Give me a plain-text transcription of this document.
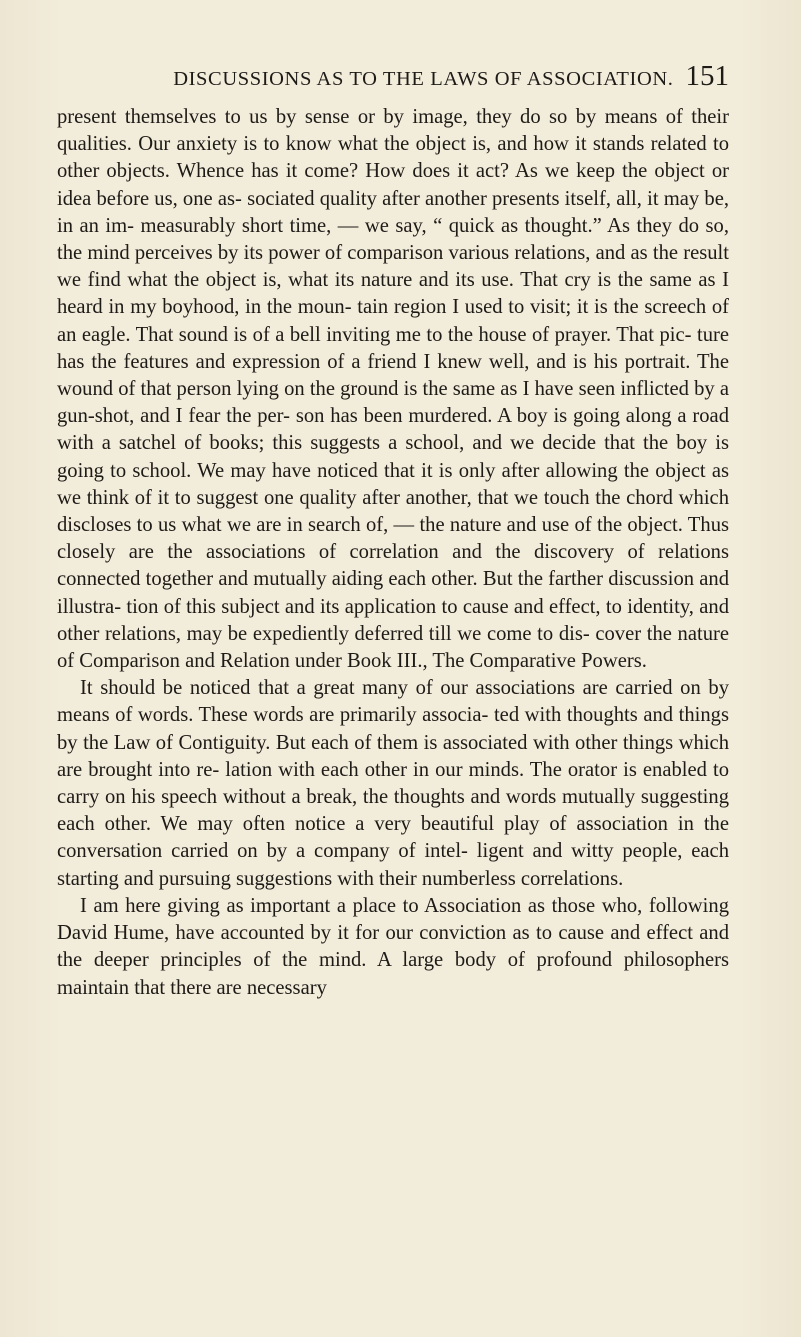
DISCUSSIONS AS TO THE LAWS OF ASSOCIATION. 151

present themselves to us by sense or by image, they do so by means of their qualities. Our anxiety is to know what the object is, and how it stands related to other objects. Whence has it come? How does it act? As we keep the object or idea before us, one as- sociated quality after another presents itself, all, it may be, in an im- measurably short time, — we say, “ quick as thought.” As they do so, the mind perceives by its power of comparison various relations, and as the result we find what the object is, what its nature and its use. That cry is the same as I heard in my boyhood, in the moun- tain region I used to visit; it is the screech of an eagle. That sound is of a bell inviting me to the house of prayer. That pic- ture has the features and expression of a friend I knew well, and is his portrait. The wound of that person lying on the ground is the same as I have seen inflicted by a gun-shot, and I fear the per- son has been murdered. A boy is going along a road with a satchel of books; this suggests a school, and we decide that the boy is going to school. We may have noticed that it is only after allowing the object as we think of it to suggest one quality after another, that we touch the chord which discloses to us what we are in search of, — the nature and use of the object. Thus closely are the associations of correlation and the discovery of relations connected together and mutually aiding each other. But the farther discussion and illustra- tion of this subject and its application to cause and effect, to identity, and other relations, may be expediently deferred till we come to dis- cover the nature of Comparison and Relation under Book III., The Comparative Powers.

It should be noticed that a great many of our associations are carried on by means of words. These words are primarily associa- ted with thoughts and things by the Law of Contiguity. But each of them is associated with other things which are brought into re- lation with each other in our minds. The orator is enabled to carry on his speech without a break, the thoughts and words mutually suggesting each other. We may often notice a very beautiful play of association in the conversation carried on by a company of intel- ligent and witty people, each starting and pursuing suggestions with their numberless correlations.

I am here giving as important a place to Association as those who, following David Hume, have accounted by it for our conviction as to cause and effect and the deeper principles of the mind. A large body of profound philosophers maintain that there are necessary
